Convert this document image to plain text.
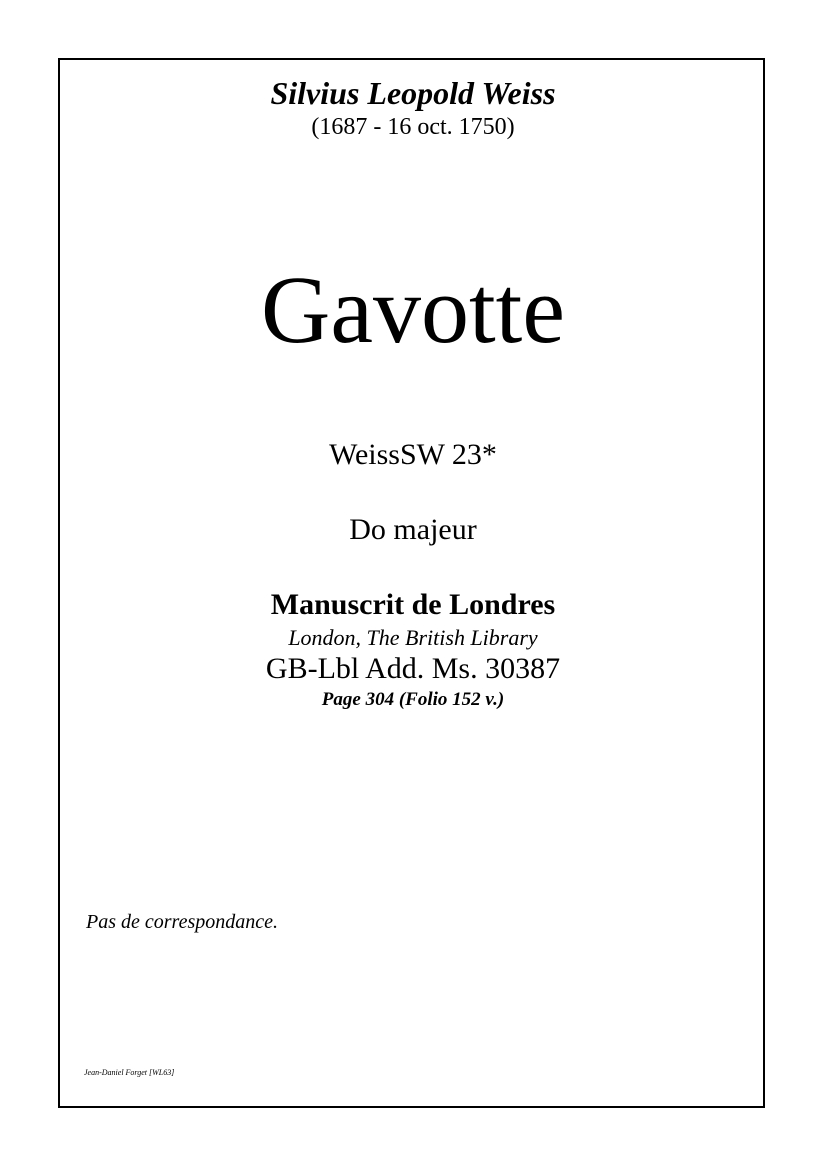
Silvius Leopold Weiss
(1687 - 16 oct. 1750)
Gavotte
WeissSW 23*
Do majeur
Manuscrit de Londres
London, The British Library
GB-Lbl Add. Ms. 30387
Page 304 (Folio 152 v.)
Pas de correspondance.
Jean-Daniel Forget [WL63]
